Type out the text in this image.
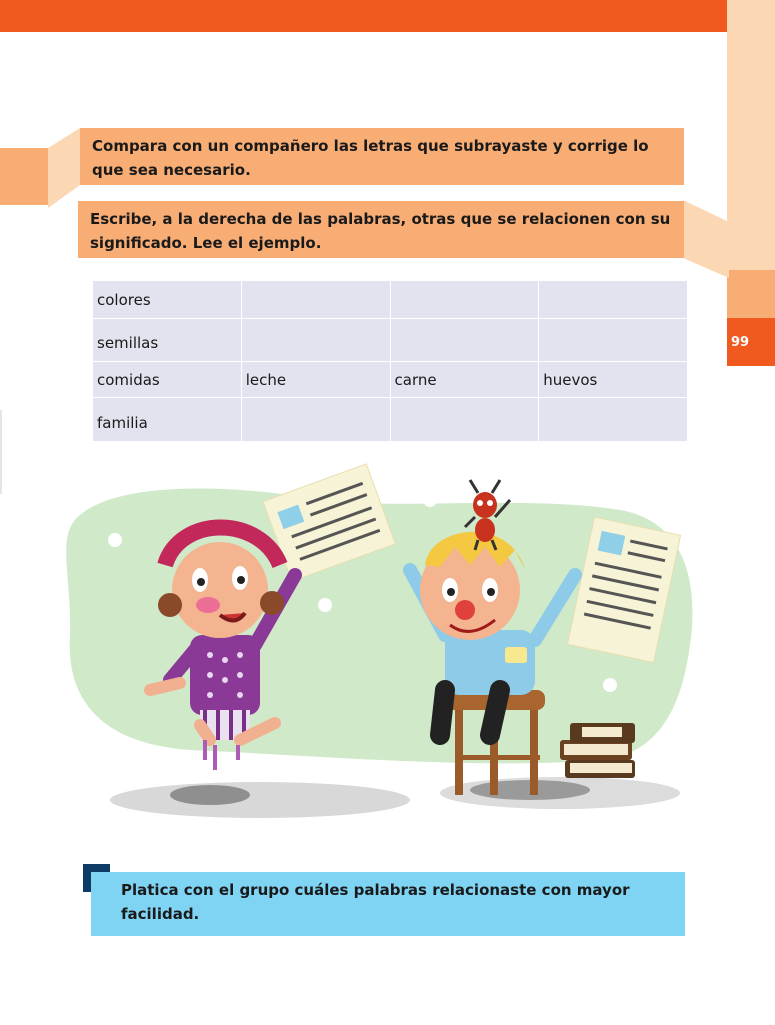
99
Compara con un compañero las letras que subrayaste y corrige lo que sea necesario.
Escribe, a la derecha de las palabras, otras que se relacionen con su significado. Lee el ejemplo.
colores			
semillas			
comidas	leche	carne	huevos
familia			
Platica con el grupo cuáles palabras relacionaste con mayor facilidad.
